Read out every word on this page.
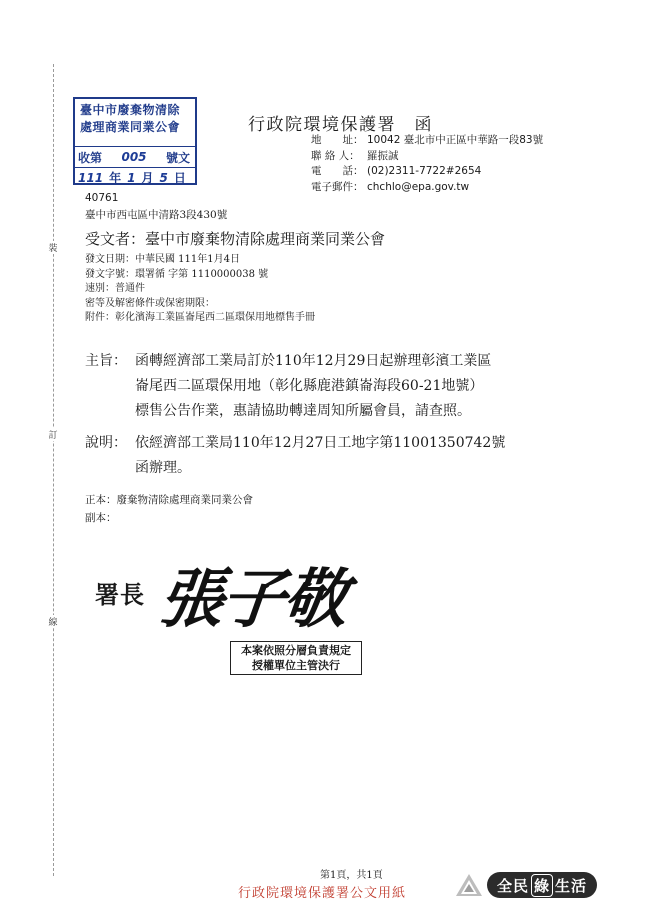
裝
訂
線
臺中市廢棄物清除
處理商業同業公會
收第	005	號文
111 年 1 月 5 日
行政院環境保護署　函
地　　址： 10042 臺北市中正區中華路一段83號
聯 絡 人： 羅振誠
電　　話： (02)2311-7722#2654
電子郵件： chchlo@epa.gov.tw
40761
臺中市西屯區中清路3段430號
受文者：臺中市廢棄物清除處理商業同業公會
發文日期：中華民國 111年1月4日
發文字號：環署循 字第 1110000038 號
速別：普通件
密等及解密條件或保密期限：
附件：彰化濱海工業區崙尾西二區環保用地標售手冊
主旨： 函轉經濟部工業局訂於110年12月29日起辦理彰濱工業區
崙尾西二區環保用地（彰化縣鹿港鎮崙海段60-21地號）
標售公告作業，惠請協助轉達周知所屬會員，請查照。
說明： 依經濟部工業局110年12月27日工地字第11001350742號
函辦理。
正本：廢棄物清除處理商業同業公會
副本：
署長 張子敬
本案依照分層負責規定
授權單位主管決行
第1頁，共1頁
行政院環境保護署公文用紙	全民 綠 生活
